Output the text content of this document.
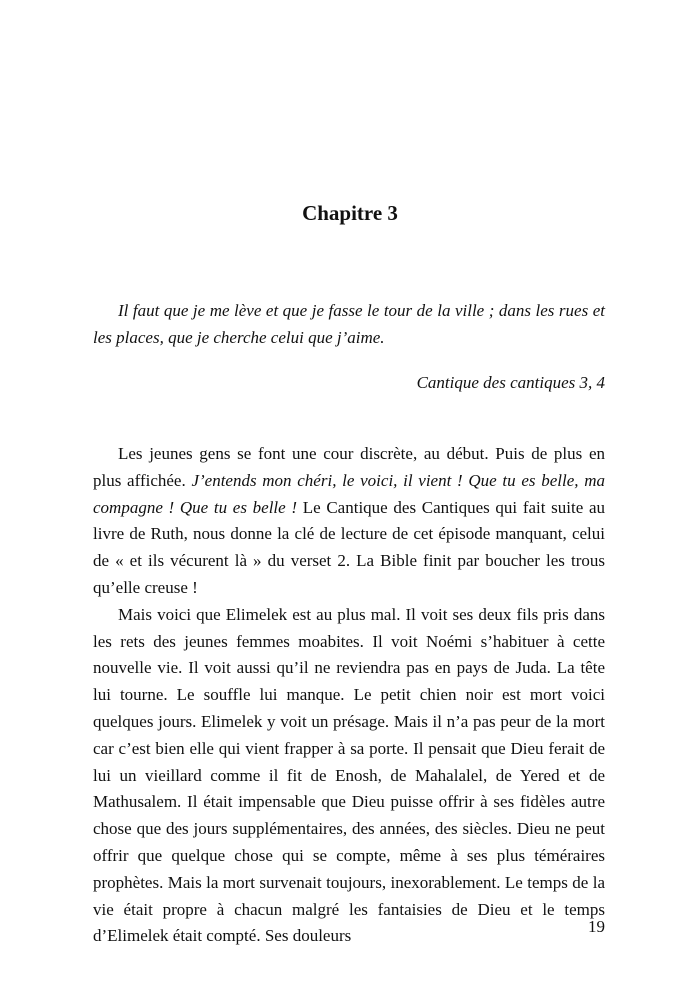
Chapitre 3

Il faut que je me lève et que je fasse le tour de la ville ; dans les rues et les places, que je cherche celui que j’aime.

Cantique des cantiques 3, 4

Les jeunes gens se font une cour discrète, au début. Puis de plus en plus affichée. J’entends mon chéri, le voici, il vient ! Que tu es belle, ma compagne ! Que tu es belle ! Le Cantique des Cantiques qui fait suite au livre de Ruth, nous donne la clé de lecture de cet épisode manquant, celui de « et ils vécurent là » du verset 2. La Bible finit par boucher les trous qu’elle creuse !

Mais voici que Elimelek est au plus mal. Il voit ses deux fils pris dans les rets des jeunes femmes moabites. Il voit Noémi s’habituer à cette nouvelle vie. Il voit aussi qu’il ne reviendra pas en pays de Juda. La tête lui tourne. Le souffle lui manque. Le petit chien noir est mort voici quelques jours. Elimelek y voit un présage. Mais il n’a pas peur de la mort car c’est bien elle qui vient frapper à sa porte. Il pensait que Dieu ferait de lui un vieillard comme il fit de Enosh, de Mahalalel, de Yered et de Mathusalem. Il était impensable que Dieu puisse offrir à ses fidèles autre chose que des jours supplémentaires, des années, des siècles. Dieu ne peut offrir que quelque chose qui se compte, même à ses plus téméraires prophètes. Mais la mort survenait toujours, inexorablement. Le temps de la vie était propre à chacun malgré les fantaisies de Dieu et le temps d’Elimelek était compté. Ses douleurs	19
